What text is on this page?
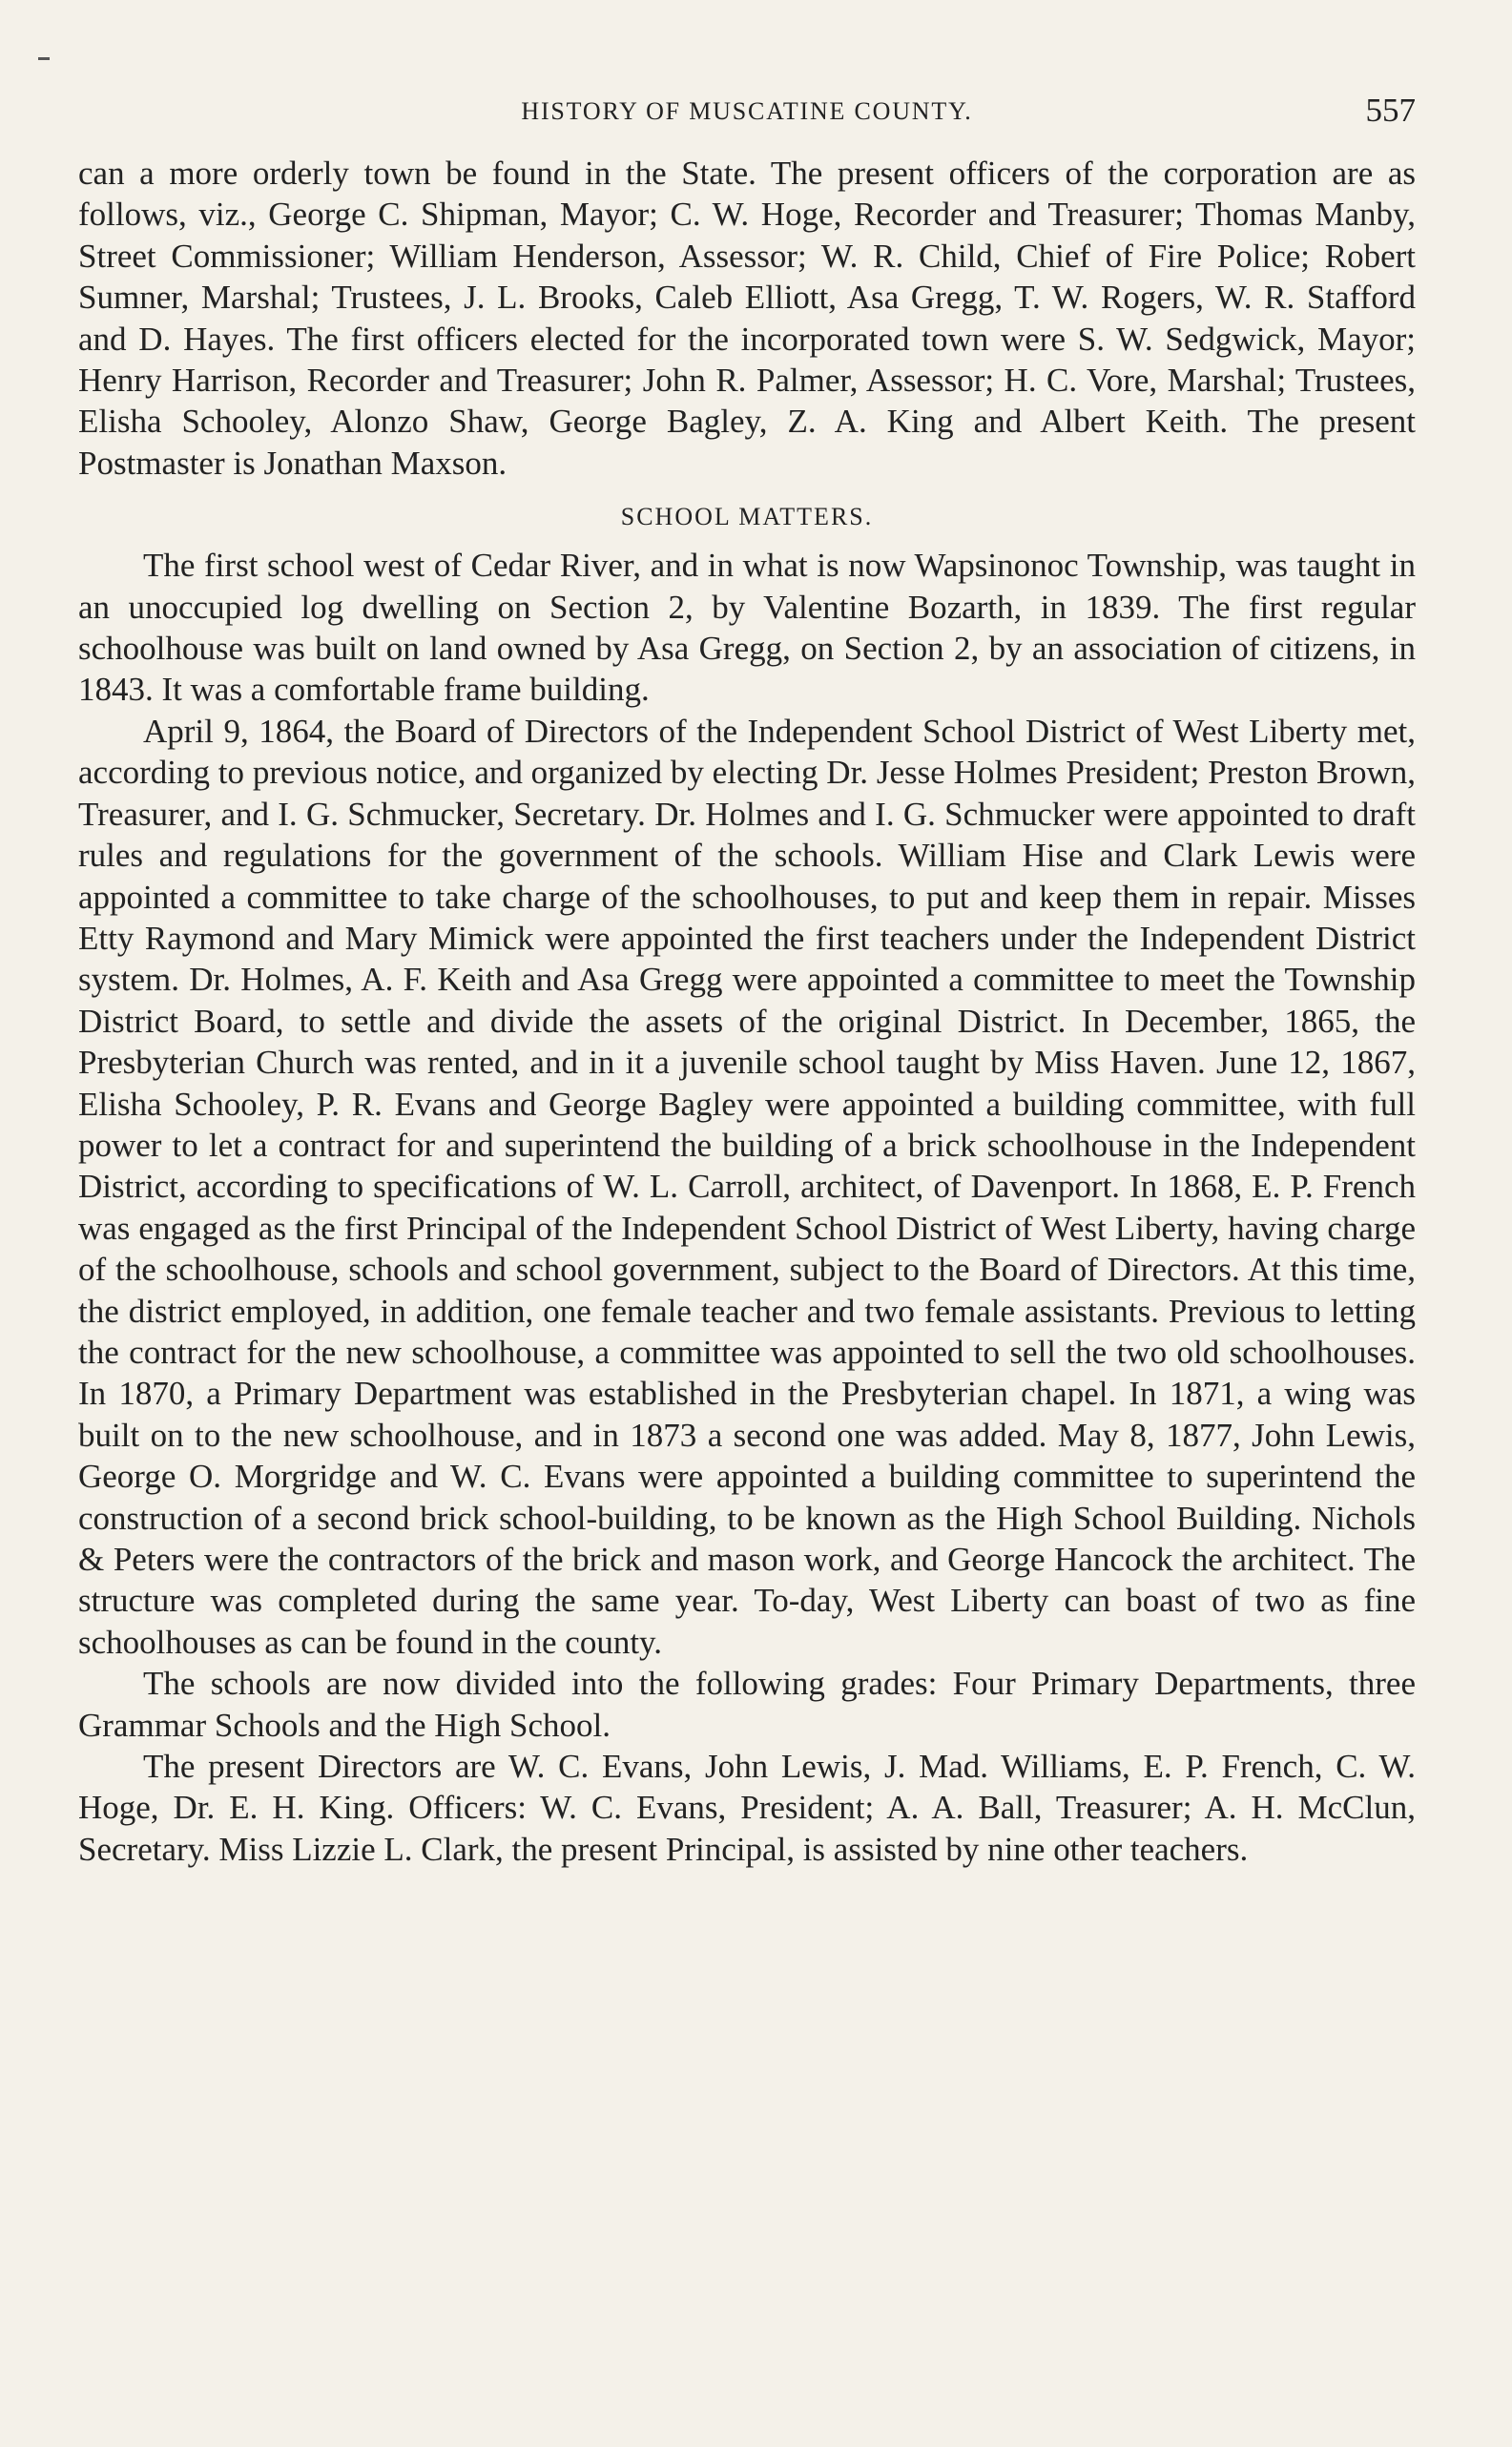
HISTORY OF MUSCATINE COUNTY.	557

can a more orderly town be found in the State. The present officers of the corporation are as follows, viz., George C. Shipman, Mayor; C. W. Hoge, Recorder and Treasurer; Thomas Manby, Street Commissioner; William Henderson, Assessor; W. R. Child, Chief of Fire Police; Robert Sumner, Marshal; Trustees, J. L. Brooks, Caleb Elliott, Asa Gregg, T. W. Rogers, W. R. Stafford and D. Hayes. The first officers elected for the incorporated town were S. W. Sedgwick, Mayor; Henry Harrison, Recorder and Treasurer; John R. Palmer, Assessor; H. C. Vore, Marshal; Trustees, Elisha Schooley, Alonzo Shaw, George Bagley, Z. A. King and Albert Keith. The present Postmaster is Jonathan Maxson.

SCHOOL MATTERS.

The first school west of Cedar River, and in what is now Wapsinonoc Township, was taught in an unoccupied log dwelling on Section 2, by Valentine Bozarth, in 1839. The first regular schoolhouse was built on land owned by Asa Gregg, on Section 2, by an association of citizens, in 1843. It was a comfortable frame building.

April 9, 1864, the Board of Directors of the Independent School District of West Liberty met, according to previous notice, and organized by electing Dr. Jesse Holmes President; Preston Brown, Treasurer, and I. G. Schmucker, Secretary. Dr. Holmes and I. G. Schmucker were appointed to draft rules and regulations for the government of the schools. William Hise and Clark Lewis were appointed a committee to take charge of the schoolhouses, to put and keep them in repair. Misses Etty Raymond and Mary Mimick were appointed the first teachers under the Independent District system. Dr. Holmes, A. F. Keith and Asa Gregg were appointed a committee to meet the Township District Board, to settle and divide the assets of the original District. In December, 1865, the Presbyterian Church was rented, and in it a juvenile school taught by Miss Haven. June 12, 1867, Elisha Schooley, P. R. Evans and George Bagley were appointed a building committee, with full power to let a contract for and superintend the building of a brick schoolhouse in the Independent District, according to specifications of W. L. Carroll, architect, of Davenport. In 1868, E. P. French was engaged as the first Principal of the Independent School District of West Liberty, having charge of the schoolhouse, schools and school government, subject to the Board of Directors. At this time, the district employed, in addition, one female teacher and two female assistants. Previous to letting the contract for the new schoolhouse, a committee was appointed to sell the two old schoolhouses. In 1870, a Primary Department was established in the Presbyterian chapel. In 1871, a wing was built on to the new schoolhouse, and in 1873 a second one was added. May 8, 1877, John Lewis, George O. Morgridge and W. C. Evans were appointed a building committee to superintend the construction of a second brick school-building, to be known as the High School Building. Nichols & Peters were the contractors of the brick and mason work, and George Hancock the architect. The structure was completed during the same year. To-day, West Liberty can boast of two as fine schoolhouses as can be found in the county.

The schools are now divided into the following grades: Four Primary Departments, three Grammar Schools and the High School.

The present Directors are W. C. Evans, John Lewis, J. Mad. Williams, E. P. French, C. W. Hoge, Dr. E. H. King. Officers: W. C. Evans, President; A. A. Ball, Treasurer; A. H. McClun, Secretary. Miss Lizzie L. Clark, the present Principal, is assisted by nine other teachers.
